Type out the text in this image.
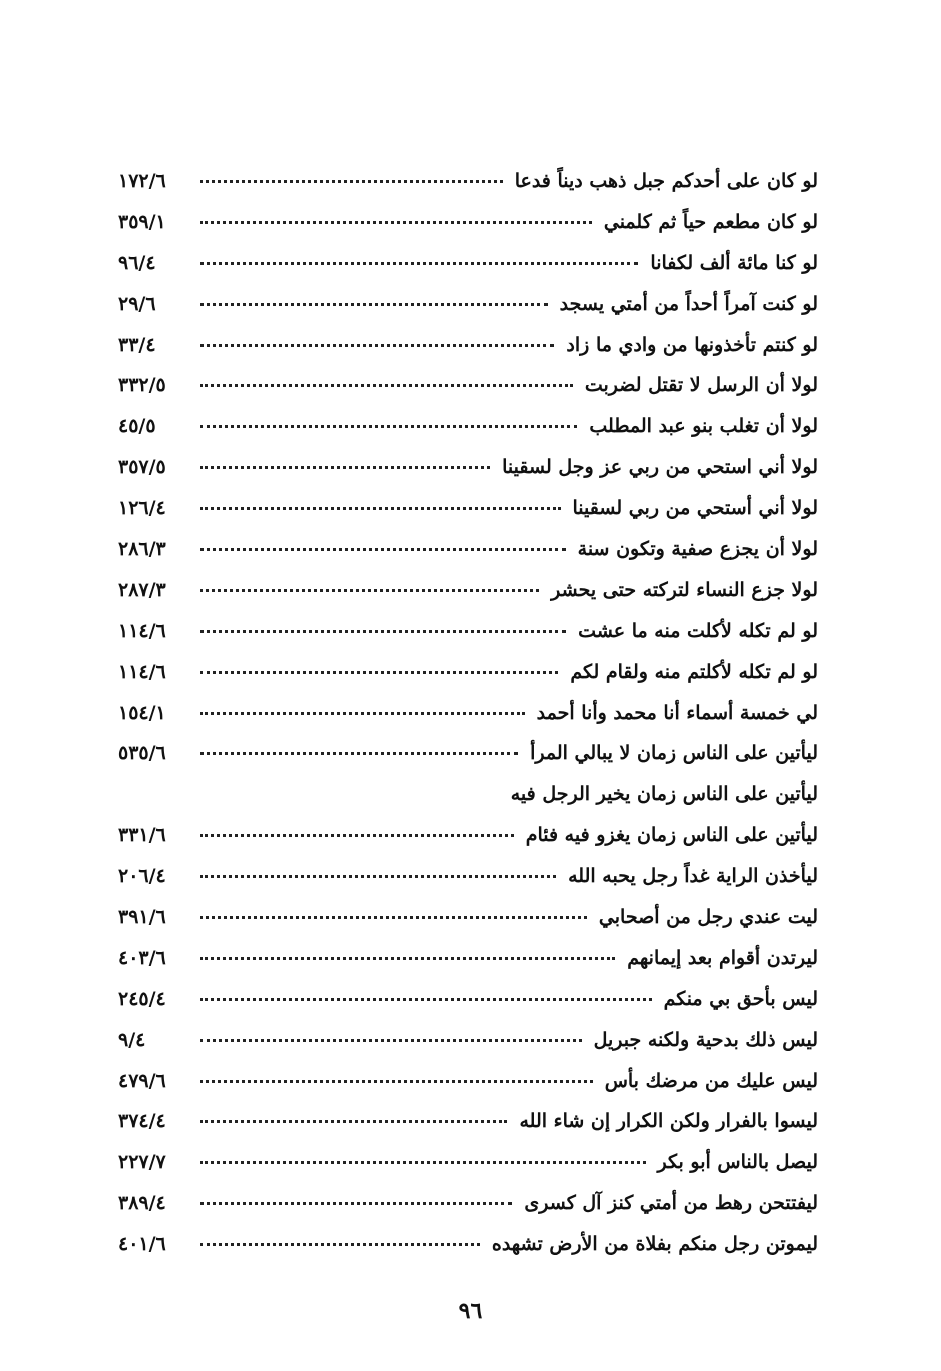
لو كان على أحدكم جبل ذهب ديناً فدعا
١٧٢/٦
لو كان مطعم حياً ثم كلمني
٣٥٩/١
لو كنا مائة ألف لكفانا
٩٦/٤
لو كنت آمراً أحداً من أمتي يسجد
٢٩/٦
لو كنتم تأخذونها من وادي ما زاد
٣٣/٤
لولا أن الرسل لا تقتل لضربت
٣٣٢/٥
لولا أن تغلب بنو عبد المطلب
٤٥/٥
لولا أني استحي من ربي عز وجل لسقينا
٣٥٧/٥
لولا أني أستحي من ربي لسقينا
١٢٦/٤
لولا أن يجزع صفية وتكون سنة
٢٨٦/٣
لولا جزع النساء لتركته حتى يحشر
٢٨٧/٣
لو لم تكله لأكلت منه ما عشت
١١٤/٦
لو لم تكله لأكلتم منه ولقام لكم
١١٤/٦
لي خمسة أسماء أنا محمد وأنا أحمد
١٥٤/١
ليأتين على الناس زمان لا يبالي المرأ
٥٣٥/٦
ليأتين على الناس زمان يخير الرجل فيه
ليأتين على الناس زمان يغزو فيه فئام
٣٣١/٦
ليأخذن الراية غداً رجل يحبه الله
٢٠٦/٤
ليت عندي رجل من أصحابي
٣٩١/٦
ليرتدن أقوام بعد إيمانهم
٤٠٣/٦
ليس بأحق بي منكم
٢٤٥/٤
ليس ذلك بدحية ولكنه جبريل
٩/٤
ليس عليك من مرضك بأس
٤٧٩/٦
ليسوا بالفرار ولكن الكرار إن شاء الله
٣٧٤/٤
ليصل بالناس أبو بكر
٢٢٧/٧
ليفتتحن رهط من أمتي كنز آل كسرى
٣٨٩/٤
ليموتن رجل منكم بفلاة من الأرض تشهده
٤٠١/٦
٩٦
